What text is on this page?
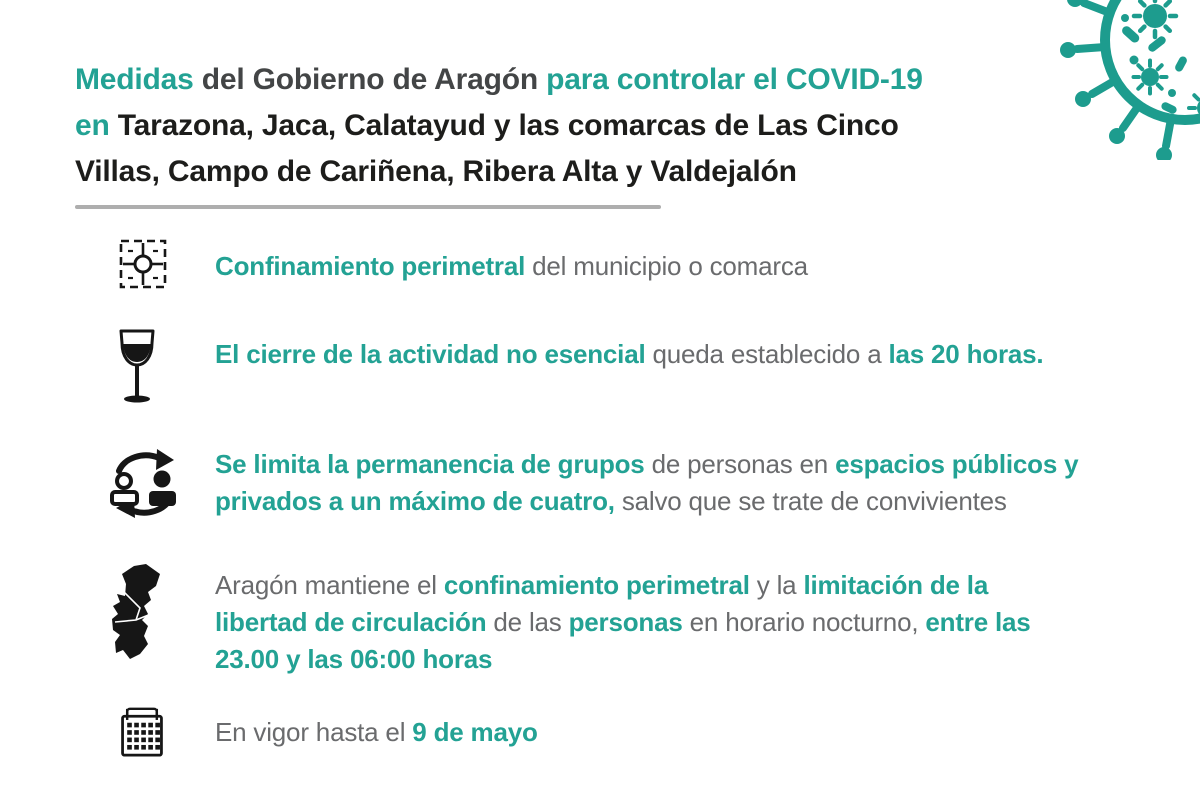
Medidas del Gobierno de Aragón para controlar el COVID-19
en Tarazona, Jaca, Calatayud y las comarcas de Las Cinco
Villas, Campo de Cariñena, Ribera Alta y Valdejalón

Confinamiento perimetral del municipio o comarca

El cierre de la actividad no esencial queda establecido a las 20 horas.

Se limita la permanencia de grupos de personas en espacios públicos y

privados a un máximo de cuatro, salvo que se trate de convivientes

Aragón mantiene el confinamiento perimetral y la limitación de la

libertad de circulación de las personas en horario nocturno, entre las

23.00 y las 06:00 horas

En vigor hasta el 9 de mayo
